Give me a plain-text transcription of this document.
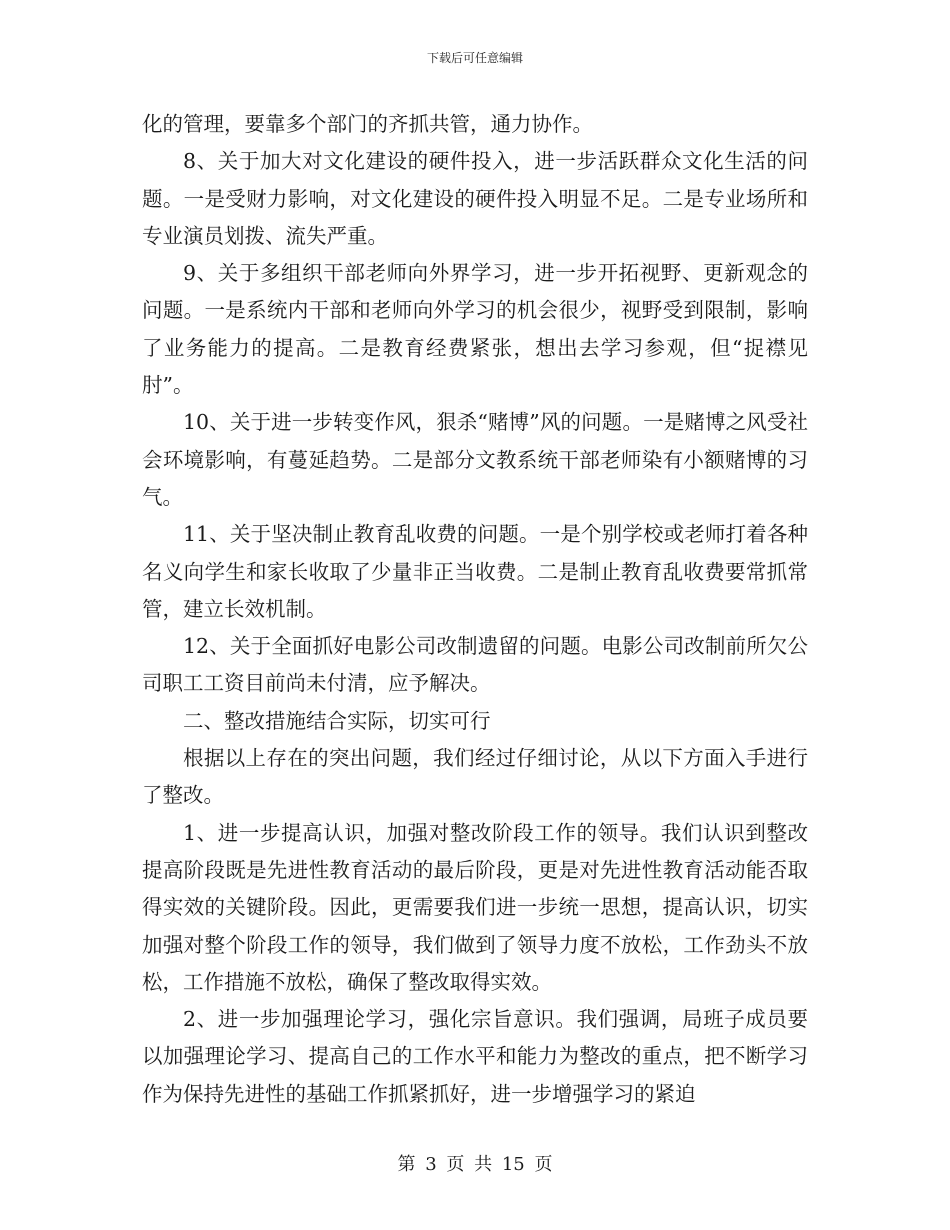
下载后可任意编辑

化的管理，要靠多个部门的齐抓共管，通力协作。

8、关于加大对文化建设的硬件投入，进一步活跃群众文化生活的问题。一是受财力影响，对文化建设的硬件投入明显不足。二是专业场所和专业演员划拨、流失严重。

9、关于多组织干部老师向外界学习，进一步开拓视野、更新观念的问题。一是系统内干部和老师向外学习的机会很少，视野受到限制，影响了业务能力的提高。二是教育经费紧张，想出去学习参观，但“捉襟见肘”。

10、关于进一步转变作风，狠杀“赌博”风的问题。一是赌博之风受社会环境影响，有蔓延趋势。二是部分文教系统干部老师染有小额赌博的习气。

11、关于坚决制止教育乱收费的问题。一是个别学校或老师打着各种名义向学生和家长收取了少量非正当收费。二是制止教育乱收费要常抓常管，建立长效机制。

12、关于全面抓好电影公司改制遗留的问题。电影公司改制前所欠公司职工工资目前尚未付清，应予解决。

二、整改措施结合实际，切实可行

根据以上存在的突出问题，我们经过仔细讨论，从以下方面入手进行了整改。

1、进一步提高认识，加强对整改阶段工作的领导。我们认识到整改提高阶段既是先进性教育活动的最后阶段，更是对先进性教育活动能否取得实效的关键阶段。因此，更需要我们进一步统一思想，提高认识，切实加强对整个阶段工作的领导，我们做到了领导力度不放松，工作劲头不放松，工作措施不放松，确保了整改取得实效。

2、进一步加强理论学习，强化宗旨意识。我们强调，局班子成员要以加强理论学习、提高自己的工作水平和能力为整改的重点，把不断学习作为保持先进性的基础工作抓紧抓好，进一步增强学习的紧迫

第 3 页 共 15 页
